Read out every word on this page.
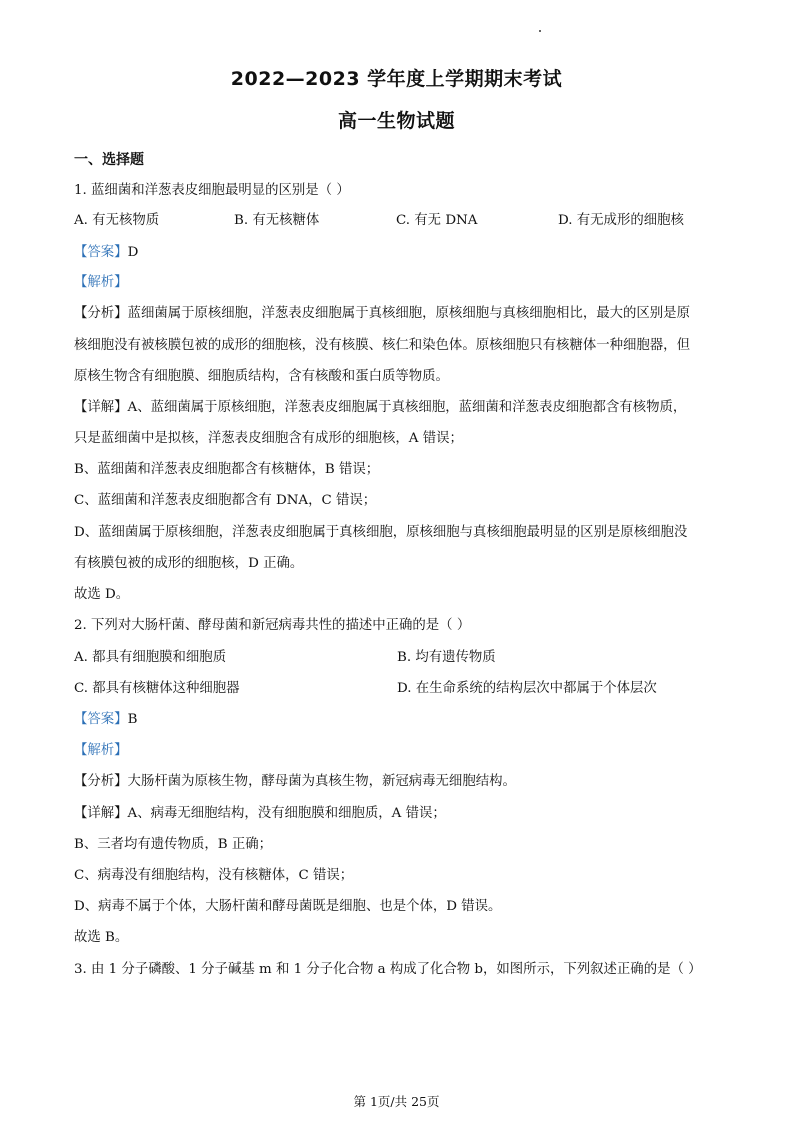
2022—2023 学年度上学期期末考试
高一生物试题
一、选择题
1. 蓝细菌和洋葱表皮细胞最明显的区别是（ ）
A. 有无核物质	B. 有无核糖体	C. 有无 DNA	D. 有无成形的细胞核
【答案】D
【解析】
【分析】蓝细菌属于原核细胞，洋葱表皮细胞属于真核细胞，原核细胞与真核细胞相比，最大的区别是原
核细胞没有被核膜包被的成形的细胞核，没有核膜、核仁和染色体。原核细胞只有核糖体一种细胞器，但
原核生物含有细胞膜、细胞质结构，含有核酸和蛋白质等物质。
【详解】A、蓝细菌属于原核细胞，洋葱表皮细胞属于真核细胞，蓝细菌和洋葱表皮细胞都含有核物质，
只是蓝细菌中是拟核，洋葱表皮细胞含有成形的细胞核，A 错误；
B、蓝细菌和洋葱表皮细胞都含有核糖体，B 错误；
C、蓝细菌和洋葱表皮细胞都含有 DNA，C 错误；
D、蓝细菌属于原核细胞，洋葱表皮细胞属于真核细胞，原核细胞与真核细胞最明显的区别是原核细胞没
有核膜包被的成形的细胞核，D 正确。
故选 D。
2. 下列对大肠杆菌、酵母菌和新冠病毒共性的描述中正确的是（ ）
A. 都具有细胞膜和细胞质	B. 均有遗传物质
C. 都具有核糖体这种细胞器	D. 在生命系统的结构层次中都属于个体层次
【答案】B
【解析】
【分析】大肠杆菌为原核生物，酵母菌为真核生物，新冠病毒无细胞结构。
【详解】A、病毒无细胞结构，没有细胞膜和细胞质，A 错误；
B、三者均有遗传物质，B 正确；
C、病毒没有细胞结构，没有核糖体，C 错误；
D、病毒不属于个体，大肠杆菌和酵母菌既是细胞、也是个体，D 错误。
故选 B。
3. 由 1 分子磷酸、1 分子碱基 m 和 1 分子化合物 a 构成了化合物 b，如图所示，下列叙述正确的是（ ）
第 1页/共 25页
